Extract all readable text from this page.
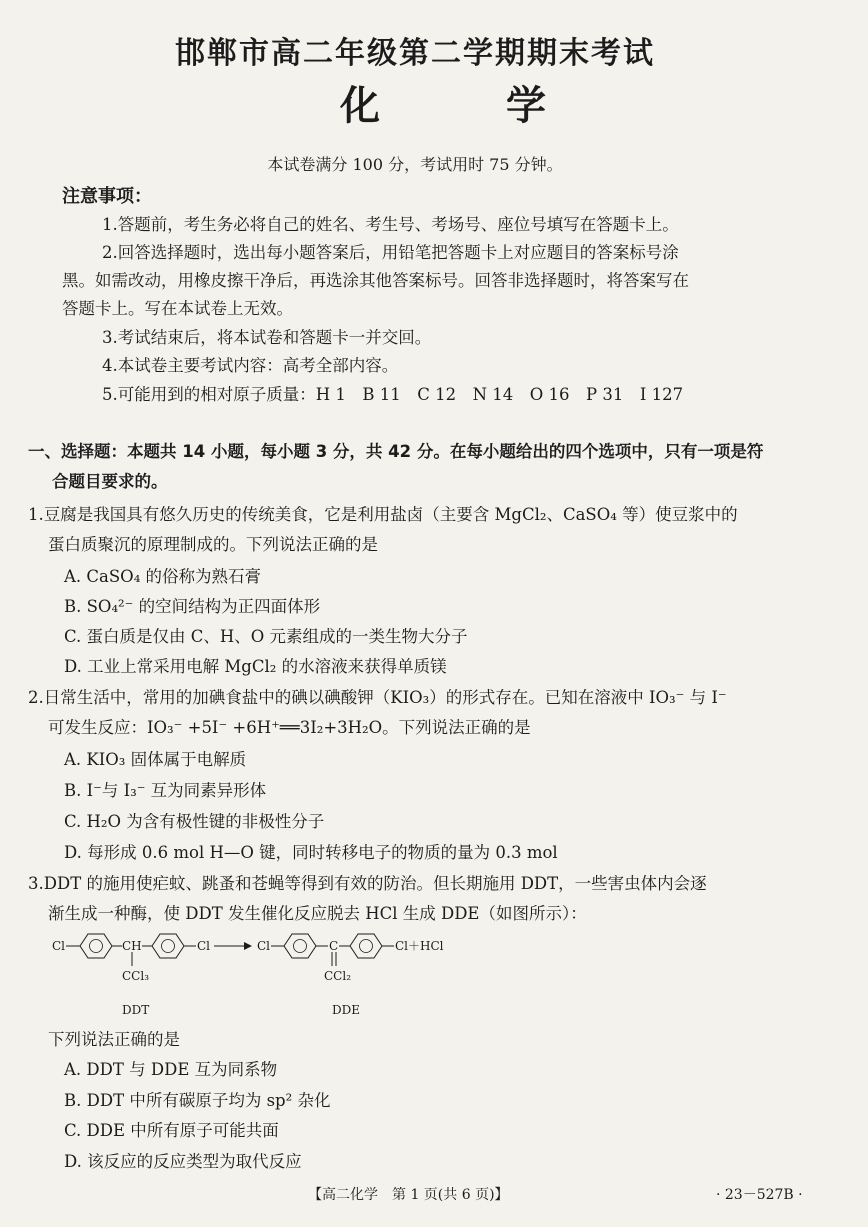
邯郸市高二年级第二学期期末考试
化 学
本试卷满分 100 分，考试用时 75 分钟。
注意事项：
1.答题前，考生务必将自己的姓名、考生号、考场号、座位号填写在答题卡上。
2.回答选择题时，选出每小题答案后，用铅笔把答题卡上对应题目的答案标号涂
黑。如需改动，用橡皮擦干净后，再选涂其他答案标号。回答非选择题时，将答案写在
答题卡上。写在本试卷上无效。
3.考试结束后，将本试卷和答题卡一并交回。
4.本试卷主要考试内容：高考全部内容。
5.可能用到的相对原子质量：H 1　B 11　C 12　N 14　O 16　P 31　I 127
一、选择题：本题共 14 小题，每小题 3 分，共 42 分。在每小题给出的四个选项中，只有一项是符
合题目要求的。
1.豆腐是我国具有悠久历史的传统美食，它是利用盐卤（主要含 MgCl₂、CaSO₄ 等）使豆浆中的
蛋白质聚沉的原理制成的。下列说法正确的是
A. CaSO₄ 的俗称为熟石膏
B. SO₄²⁻ 的空间结构为正四面体形
C. 蛋白质是仅由 C、H、O 元素组成的一类生物大分子
D. 工业上常采用电解 MgCl₂ 的水溶液来获得单质镁
2.日常生活中，常用的加碘食盐中的碘以碘酸钾（KIO₃）的形式存在。已知在溶液中 IO₃⁻ 与 I⁻
可发生反应：IO₃⁻ +5I⁻ +6H⁺══3I₂+3H₂O。下列说法正确的是
A. KIO₃ 固体属于电解质
B. I⁻与 I₃⁻ 互为同素异形体
C. H₂O 为含有极性键的非极性分子
D. 每形成 0.6 mol H—O 键，同时转移电子的物质的量为 0.3 mol
3.DDT 的施用使疟蚊、跳蚤和苍蝇等得到有效的防治。但长期施用 DDT，一些害虫体内会逐
渐生成一种酶，使 DDT 发生催化反应脱去 HCl 生成 DDE（如图所示）：
Cl	CH	Cl
CCl₃
DDT
Cl	C	Cl＋HCl
CCl₂
DDE
下列说法正确的是
A. DDT 与 DDE 互为同系物
B. DDT 中所有碳原子均为 sp² 杂化
C. DDE 中所有原子可能共面
D. 该反应的反应类型为取代反应
【高二化学　第 1 页(共 6 页)】	· 23－527B ·
